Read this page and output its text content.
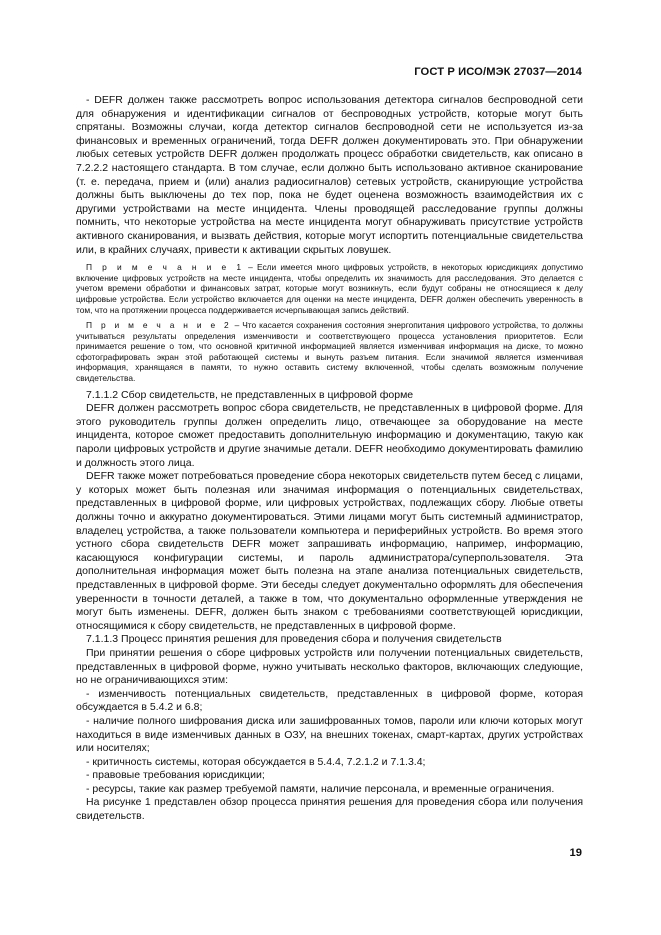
ГОСТ Р ИСО/МЭК 27037—2014

- DEFR должен также рассмотреть вопрос использования детектора сигналов беспроводной сети для обнаружения и идентификации сигналов от беспроводных устройств, которые могут быть спрятаны. Возможны случаи, когда детектор сигналов беспроводной сети не используется из-за финансовых и временных ограничений, тогда DEFR должен документировать это. При обнаружении любых сетевых устройств DEFR должен продолжать процесс обработки свидетельств, как описано в 7.2.2.2 настоящего стандарта. В том случае, если должно быть использовано активное сканирование (т. е. передача, прием и (или) анализ радиосигналов) сетевых устройств, сканирующие устройства должны быть выключены до тех пор, пока не будет оценена возможность взаимодействия их с другими устройствами на месте инцидента. Члены проводящей расследование группы должны помнить, что некоторые устройства на месте инцидента могут обнаруживать присутствие устройств активного сканирования, и вызвать действия, которые могут испортить потенциальные свидетельства или, в крайних случаях, привести к активации скрытых ловушек.

П р и м е ч а н и е 1 – Если имеется много цифровых устройств, в некоторых юрисдикциях допустимо включение цифровых устройств на месте инцидента, чтобы определить их значимость для расследования. Это делается с учетом времени обработки и финансовых затрат, которые могут возникнуть, если будут собраны не относящиеся к делу цифровые устройства. Если устройство включается для оценки на месте инцидента, DEFR должен обеспечить уверенность в том, что на протяжении процесса поддерживается исчерпывающая запись действий.

П р и м е ч а н и е 2 – Что касается сохранения состояния энергопитания цифрового устройства, то должны учитываться результаты определения изменчивости и соответствующего процесса установления приоритетов. Если принимается решение о том, что основной критичной информацией является изменчивая информация на диске, то можно сфотографировать экран этой работающей системы и вынуть разъем питания. Если значимой является изменчивая информация, хранящаяся в памяти, то нужно оставить систему включенной, чтобы сделать возможным получение свидетельства.

7.1.1.2 Сбор свидетельств, не представленных в цифровой форме

DEFR должен рассмотреть вопрос сбора свидетельств, не представленных в цифровой форме. Для этого руководитель группы должен определить лицо, отвечающее за оборудование на месте инцидента, которое сможет предоставить дополнительную информацию и документацию, такую как пароли цифровых устройств и другие значимые детали. DEFR необходимо документировать фамилию и должность этого лица.

DEFR также может потребоваться проведение сбора некоторых свидетельств путем бесед с лицами, у которых может быть полезная или значимая информация о потенциальных свидетельствах, представленных в цифровой форме, или цифровых устройствах, подлежащих сбору. Любые ответы должны точно и аккуратно документироваться. Этими лицами могут быть системный администратор, владелец устройства, а также пользователи компьютера и периферийных устройств. Во время этого устного сбора свидетельств DEFR может запрашивать информацию, например, информацию, касающуюся конфигурации системы, и пароль администратора/суперпользователя. Эта дополнительная информация может быть полезна на этапе анализа потенциальных свидетельств, представленных в цифровой форме. Эти беседы следует документально оформлять для обеспечения уверенности в точности деталей, а также в том, что документально оформленные утверждения не могут быть изменены. DEFR, должен быть знаком с требованиями соответствующей юрисдикции, относящимися к сбору свидетельств, не представленных в цифровой форме.

7.1.1.3 Процесс принятия решения для проведения сбора и получения свидетельств

При принятии решения о сборе цифровых устройств или получении потенциальных свидетельств, представленных в цифровой форме, нужно учитывать несколько факторов, включающих следующие, но не ограничивающихся этим:

- изменчивость потенциальных свидетельств, представленных в цифровой форме, которая обсуждается в 5.4.2 и 6.8;

- наличие полного шифрования диска или зашифрованных томов, пароли или ключи которых могут находиться в виде изменчивых данных в ОЗУ, на внешних токенах, смарт-картах, других устройствах или носителях;

- критичность системы, которая обсуждается в 5.4.4, 7.2.1.2 и 7.1.3.4;

- правовые требования юрисдикции;

- ресурсы, такие как размер требуемой памяти, наличие персонала, и временные ограничения.

На рисунке 1 представлен обзор процесса принятия решения для проведения сбора или получения свидетельств.

19
